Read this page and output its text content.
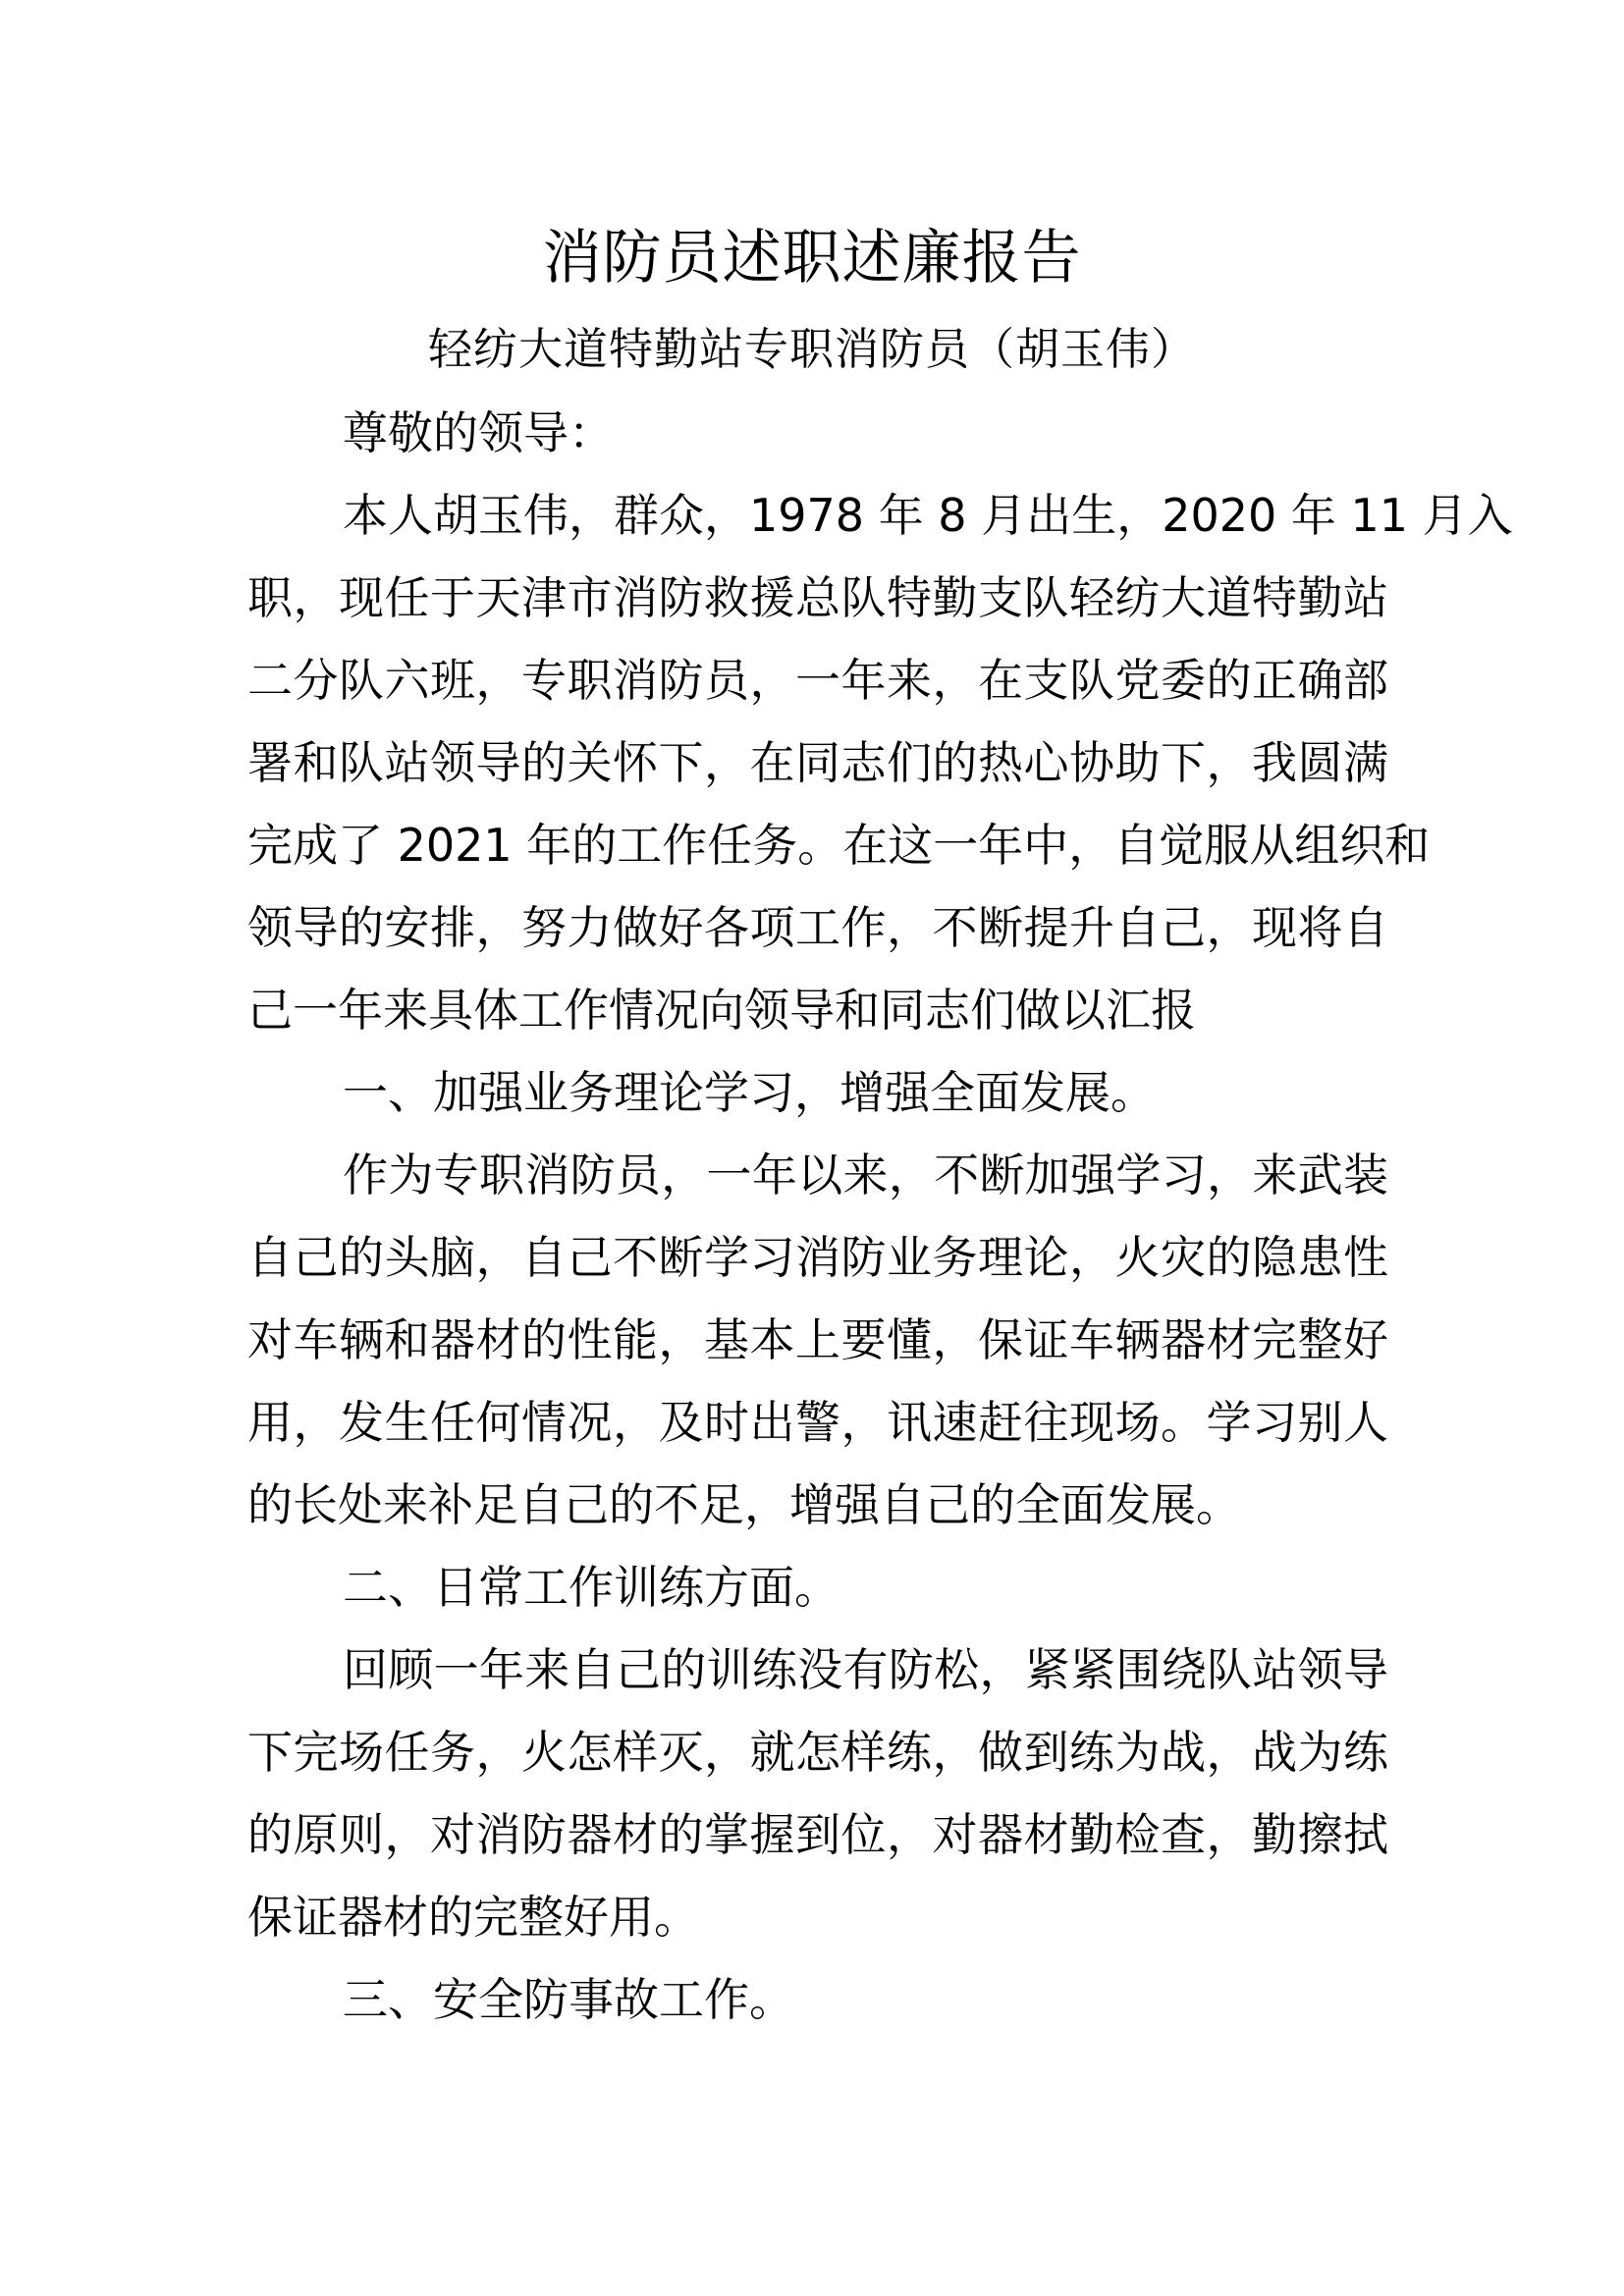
消防员述职述廉报告
轻纺大道特勤站专职消防员（胡玉伟）
尊敬的领导：
本人胡玉伟，群众，1978 年 8 月出生，2020 年 11 月入
职，现任于天津市消防救援总队特勤支队轻纺大道特勤站
二分队六班，专职消防员，一年来，在支队党委的正确部
署和队站领导的关怀下，在同志们的热心协助下，我圆满
完成了 2021 年的工作任务。在这一年中，自觉服从组织和
领导的安排，努力做好各项工作，不断提升自己，现将自
己一年来具体工作情况向领导和同志们做以汇报
一、加强业务理论学习，增强全面发展。
作为专职消防员，一年以来，不断加强学习，来武装
自己的头脑，自己不断学习消防业务理论，火灾的隐患性
对车辆和器材的性能，基本上要懂，保证车辆器材完整好
用，发生任何情况，及时出警，讯速赶往现场。学习别人
的长处来补足自己的不足，增强自己的全面发展。
二、日常工作训练方面。
回顾一年来自己的训练没有防松，紧紧围绕队站领导
下完场任务，火怎样灭，就怎样练，做到练为战，战为练
的原则，对消防器材的掌握到位，对器材勤检查，勤擦拭
保证器材的完整好用。
三、安全防事故工作。
